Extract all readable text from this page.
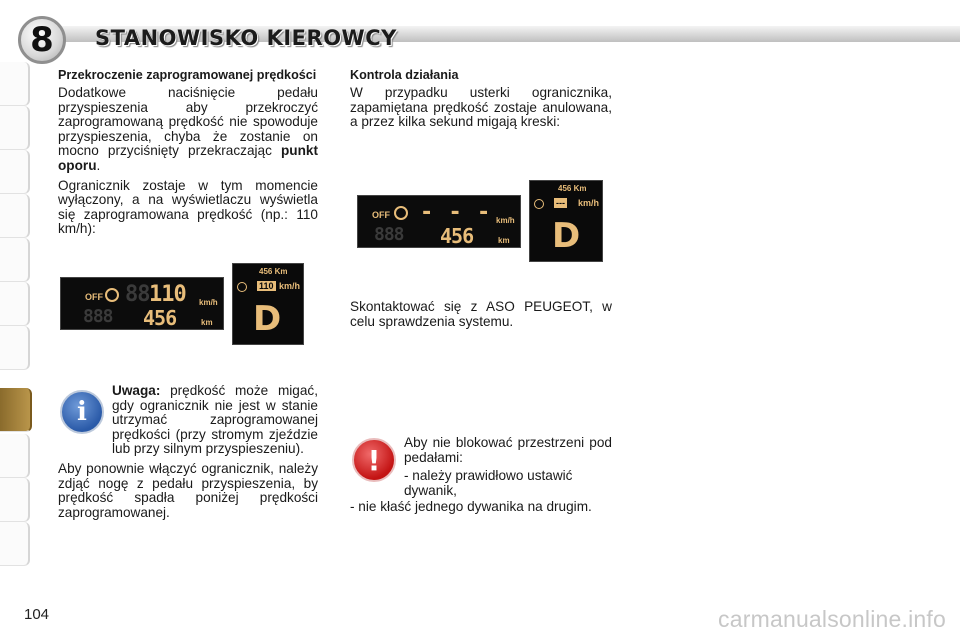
8	STANOWISKO KIEROWCY
Przekroczenie zaprogramowanej prędkości

Dodatkowe naciśnięcie pedału przyspieszenia aby przekroczyć zaprogramowaną prędkość nie spowoduje przyspieszenia, chyba że zostanie on mocno przyciśnięty przekraczając punkt oporu.

Ogranicznik zostaje w tym momencie wyłączony, a na wyświetlaczu wyświetla się zaprogramowana prędkość (np.: 110 km/h):

OFF 88 110 km/h
888 456	km
456 Km
110 km/h
D
i

Uwaga: prędkość może migać, gdy ogranicznik nie jest w stanie utrzymać zaprogramowanej prędkości (przy stromym zjeździe lub przy silnym przyspieszeniu).

Aby ponownie włączyć ogranicznik, należy zdjąć nogę z pedału przyspieszenia, by prędkość spadła poniżej prędkości zaprogramowanej.

Kontrola działania

W przypadku usterki ogranicznika, zapamiętana prędkość zostaje anulowana, a przez kilka sekund migają kreski:

OFF - - - km/h
888 456	km
456 Km
--- km/h
D

Skontaktować się z ASO PEUGEOT, w celu sprawdzenia systemu.

!

Aby nie blokować przestrzeni pod pedałami:

- należy prawidłowo ustawić dywanik,

- nie kłaść jednego dywanika na drugim.

104	carmanualsonline.info
